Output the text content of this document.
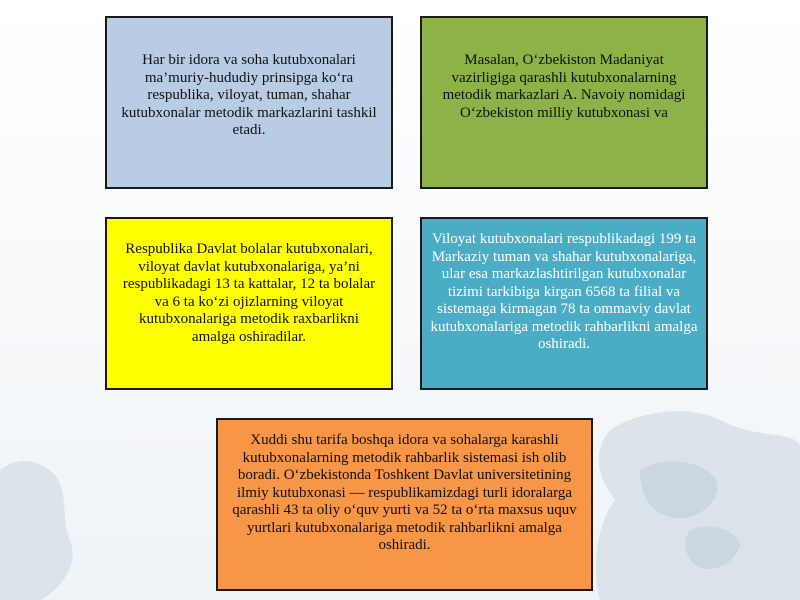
Har bir idora va soha kutubxonalari ma’muriy-hududiy prinsipga ko‘ra respublika, viloyat, tuman, shahar kutubxonalar metodik markazlarini tashkil etadi.

Masalan, O‘zbekiston Madaniyat vazirligiga qarashli kutubxonalarning metodik markazlari A. Navoiy nomidagi O‘zbekiston milliy kutubxonasi va

Respublika Davlat bolalar kutubxonalari, viloyat davlat kutubxonalariga, ya’ni respublikadagi 13 ta kattalar, 12 ta bolalar va 6 ta ko‘zi ojizlarning viloyat kutubxonalariga metodik raxbarlikni amalga oshiradilar.

Viloyat kutubxonalari respublikadagi 199 ta Markaziy tuman va shahar kutubxonalariga, ular esa markazlashtirilgan kutubxonalar tizimi tarkibiga kirgan 6568 ta filial va sistemaga kirmagan 78 ta ommaviy davlat kutubxonalariga metodik rahbarlikni amalga oshiradi.

Xuddi shu tarifa boshqa idora va sohalarga karashli kutubxonalarning metodik rahbarlik sistemasi ish olib boradi. O‘zbekistonda Toshkent Davlat universitetining ilmiy kutubxonasi — respublikamizdagi turli idoralarga qarashli 43 ta oliy o‘quv yurti va 52 ta o‘rta maxsus uquv yurtlari kutubxonalariga metodik rahbarlikni amalga oshiradi.
